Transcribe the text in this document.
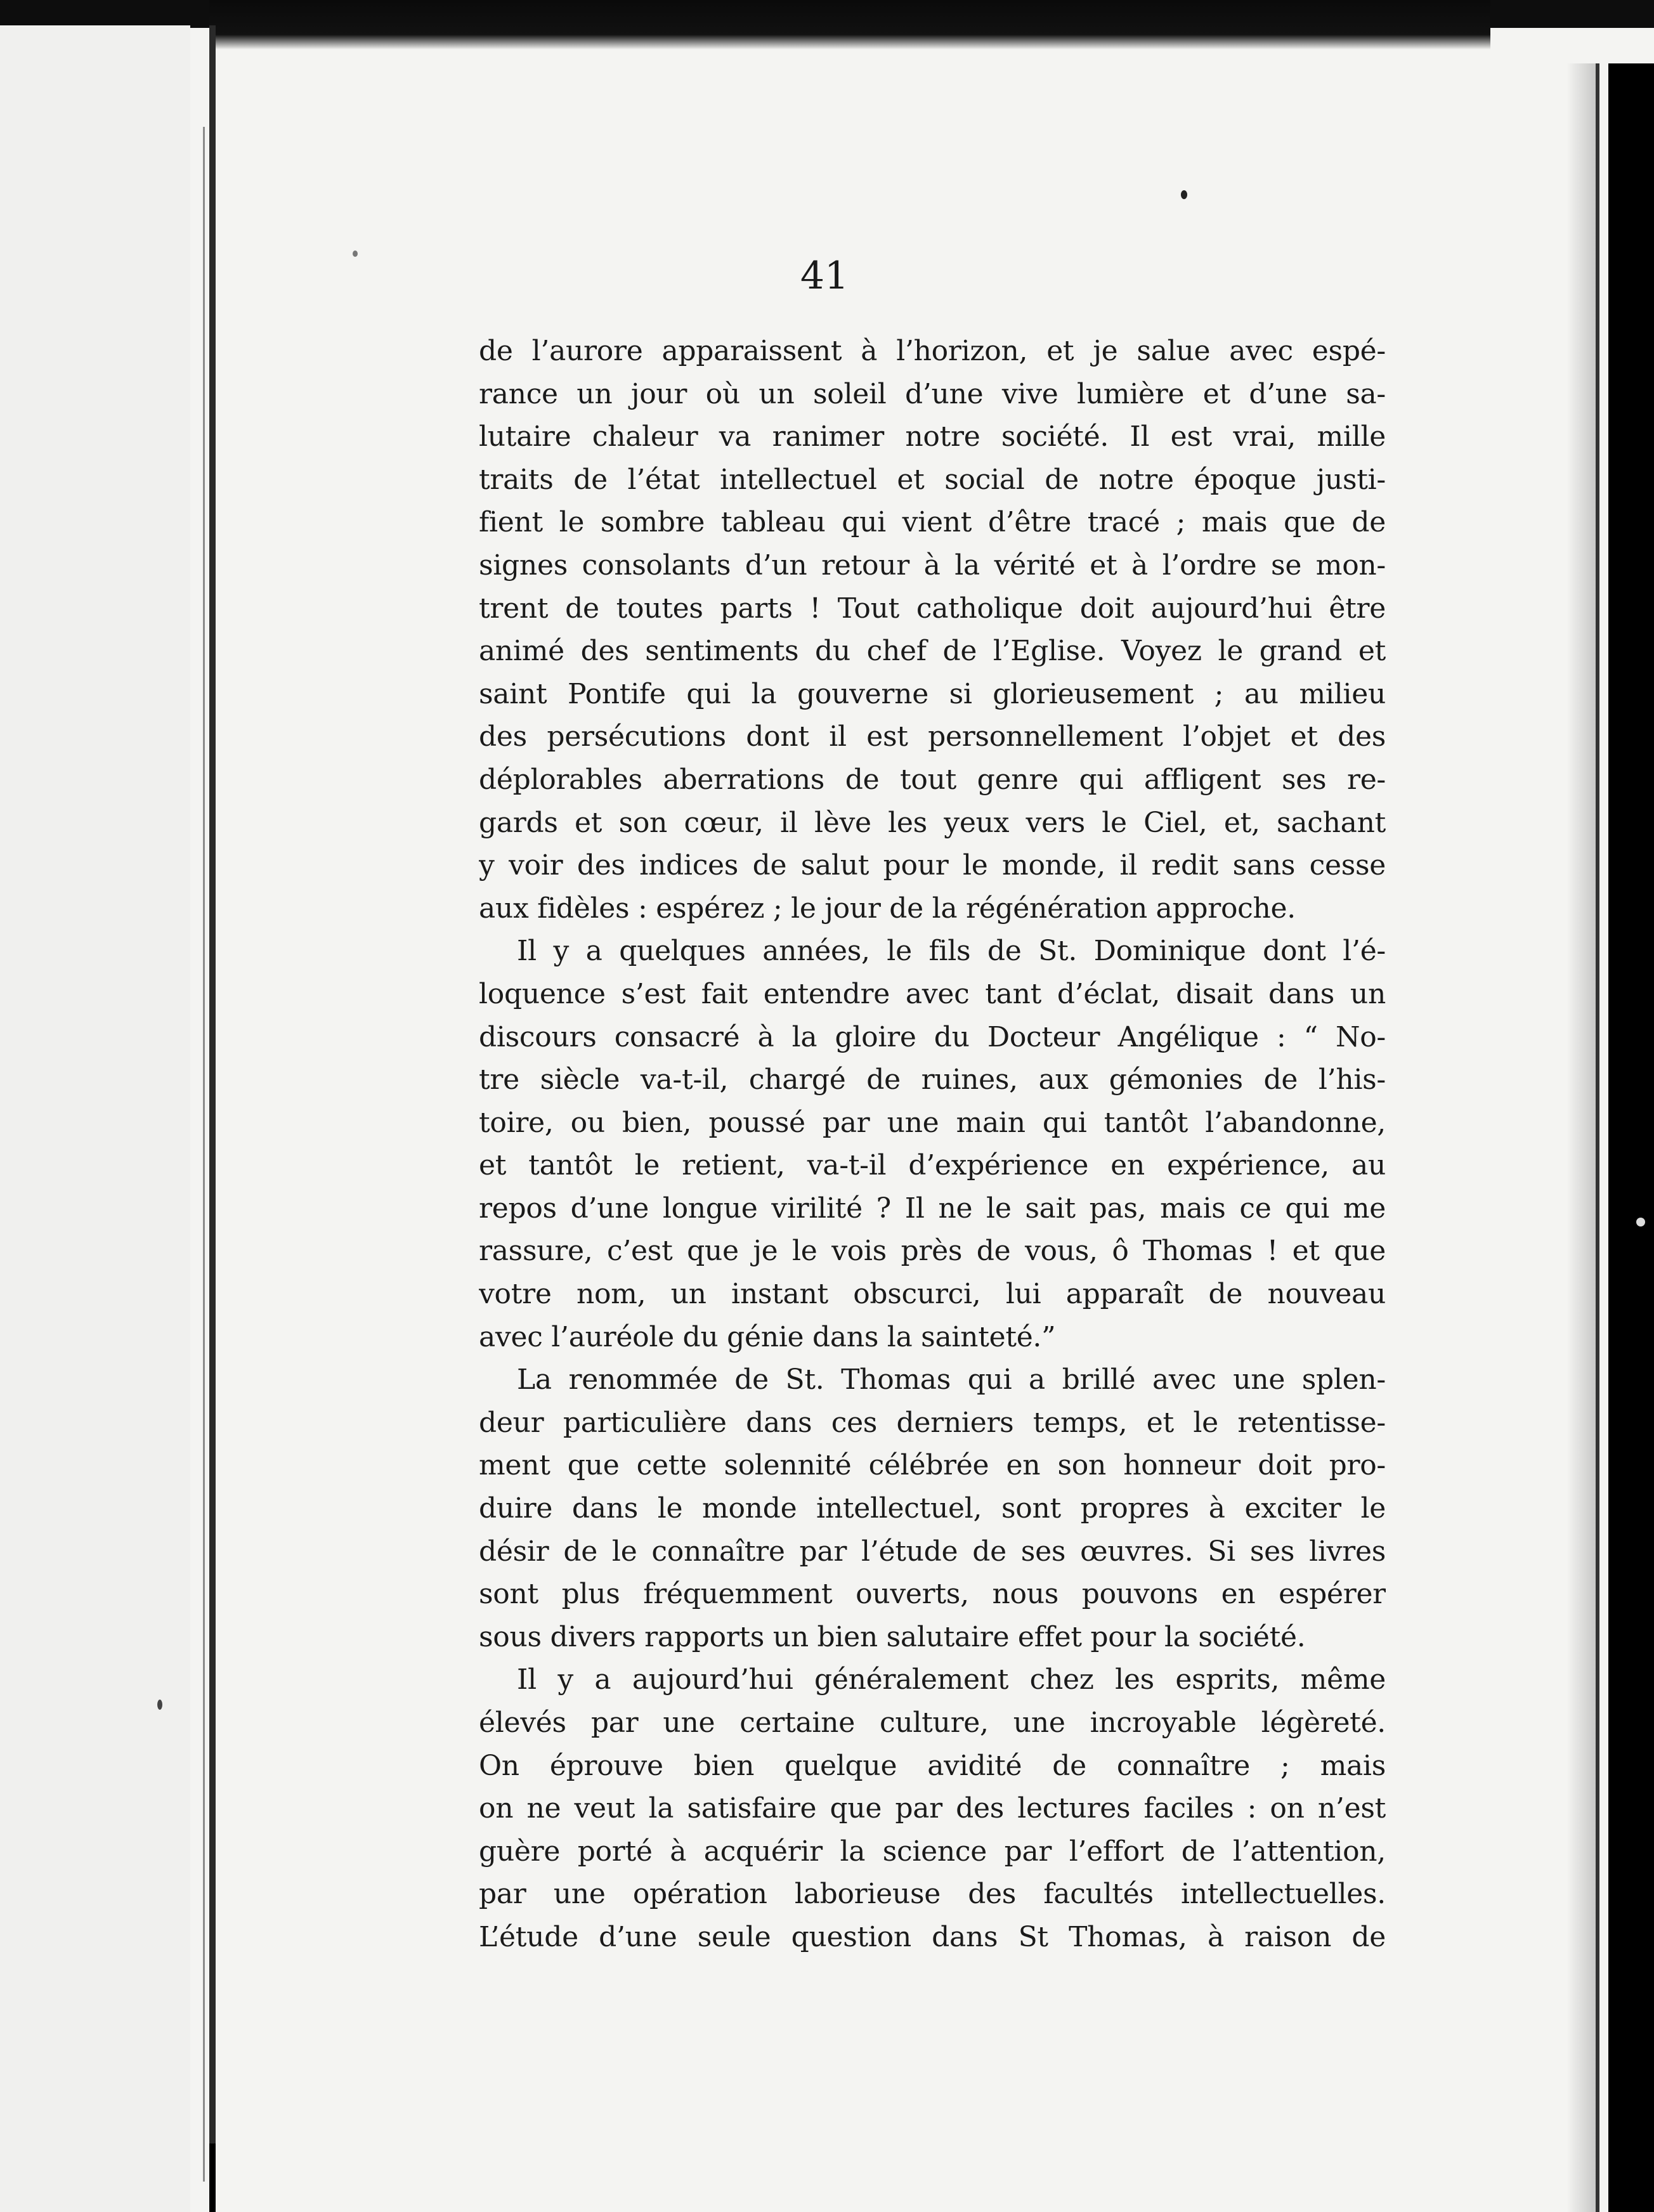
41
de l’aurore apparaissent à l’horizon, et je salue avec espé-
rance un jour où un soleil d’une vive lumière et d’une sa-
lutaire chaleur va ranimer notre société. Il est vrai, mille
traits de l’état intellectuel et social de notre époque justi-
fient le sombre tableau qui vient d’être tracé ; mais que de
signes consolants d’un retour à la vérité et à l’ordre se mon-
trent de toutes parts ! Tout catholique doit aujourd’hui être
animé des sentiments du chef de l’Eglise. Voyez le grand et
saint Pontife qui la gouverne si glorieusement ; au milieu
des persécutions dont il est personnellement l’objet et des
déplorables aberrations de tout genre qui affligent ses re-
gards et son cœur, il lève les yeux vers le Ciel, et, sachant
y voir des indices de salut pour le monde, il redit sans cesse
aux fidèles : espérez ; le jour de la régénération approche.
Il y a quelques années, le fils de St. Dominique dont l’é-
loquence s’est fait entendre avec tant d’éclat, disait dans un
discours consacré à la gloire du Docteur Angélique : “ No-
tre siècle va-t-il, chargé de ruines, aux gémonies de l’his-
toire, ou bien, poussé par une main qui tantôt l’abandonne,
et tantôt le retient, va-t-il d’expérience en expérience, au
repos d’une longue virilité ? Il ne le sait pas, mais ce qui me
rassure, c’est que je le vois près de vous, ô Thomas ! et que
votre nom, un instant obscurci, lui apparaît de nouveau
avec l’auréole du génie dans la sainteté.”
La renommée de St. Thomas qui a brillé avec une splen-
deur particulière dans ces derniers temps, et le retentisse-
ment que cette solennité célébrée en son honneur doit pro-
duire dans le monde intellectuel, sont propres à exciter le
désir de le connaître par l’étude de ses œuvres. Si ses livres
sont plus fréquemment ouverts, nous pouvons en espérer
sous divers rapports un bien salutaire effet pour la société.
Il y a aujourd’hui généralement chez les esprits, même
élevés par une certaine culture, une incroyable légèreté.
On éprouve bien quelque avidité de connaître ; mais
on ne veut la satisfaire que par des lectures faciles : on n’est
guère porté à acquérir la science par l’effort de l’attention,
par une opération laborieuse des facultés intellectuelles.
L’étude d’une seule question dans St Thomas, à raison de
